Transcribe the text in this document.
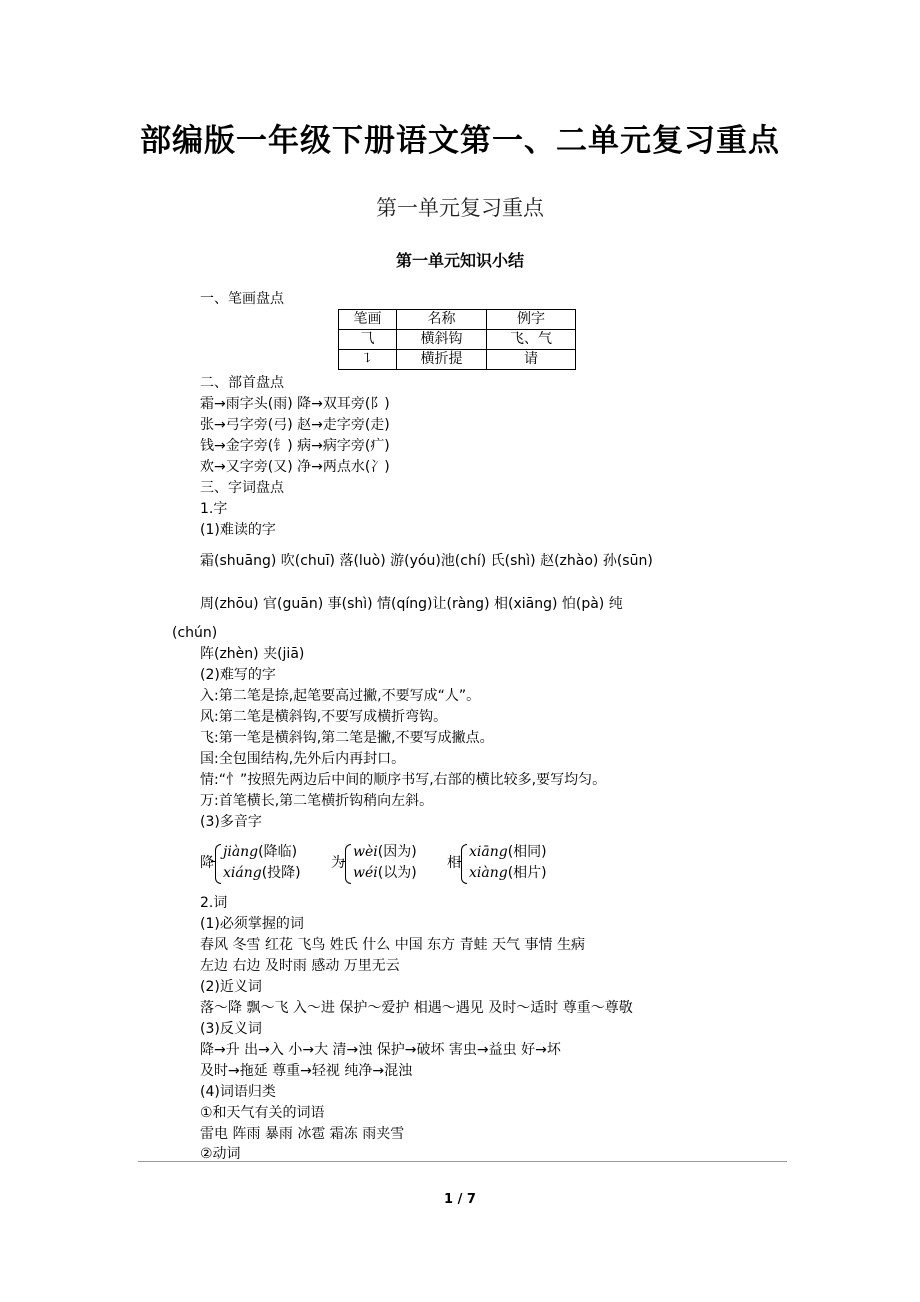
部编版一年级下册语文第一、二单元复习重点
第一单元复习重点
第一单元知识小结
一、笔画盘点
笔画	名称	例字
⺄	横斜钩	飞、气
㇊	横折提	请
二、部首盘点
霜→雨字头(雨) 降→双耳旁(阝)
张→弓字旁(弓) 赵→走字旁(走)
钱→金字旁(钅) 病→病字旁(疒)
欢→又字旁(又) 净→两点水(冫)
三、字词盘点
1.字
(1)难读的字
霜(shuāng) 吹(chuī) 落(luò) 游(yóu)池(chí) 氏(shì) 赵(zhào) 孙(sūn)
周(zhōu) 官(guān) 事(shì) 情(qíng)让(ràng) 相(xiāng) 怕(pà) 纯
(chún)
阵(zhèn) 夹(jiā)
(2)难写的字
入:第二笔是捺,起笔要高过撇,不要写成“人”。
风:第二笔是横斜钩,不要写成横折弯钩。
飞:第一笔是横斜钩,第二笔是撇,不要写成撇点。
国:全包围结构,先外后内再封口。
情:“忄”按照先两边后中间的顺序书写,右部的横比较多,要写均匀。
万:首笔横长,第二笔横折钩稍向左斜。
(3)多音字
降
jiàng(降临)
xiáng(投降)
为
wèi(因为)
wéi(以为)
相
xiāng(相同)
xiàng(相片)
2.词
(1)必须掌握的词
春风 冬雪 红花 飞鸟 姓氏 什么 中国 东方 青蛙 天气 事情 生病
左边 右边 及时雨 感动 万里无云
(2)近义词
落～降 飘～飞 入～进 保护～爱护 相遇～遇见 及时～适时 尊重～尊敬
(3)反义词
降→升 出→入 小→大 清→浊 保护→破坏 害虫→益虫 好→坏
及时→拖延 尊重→轻视 纯净→混浊
(4)词语归类
①和天气有关的词语
雷电 阵雨 暴雨 冰雹 霜冻 雨夹雪
②动词
1 / 7
